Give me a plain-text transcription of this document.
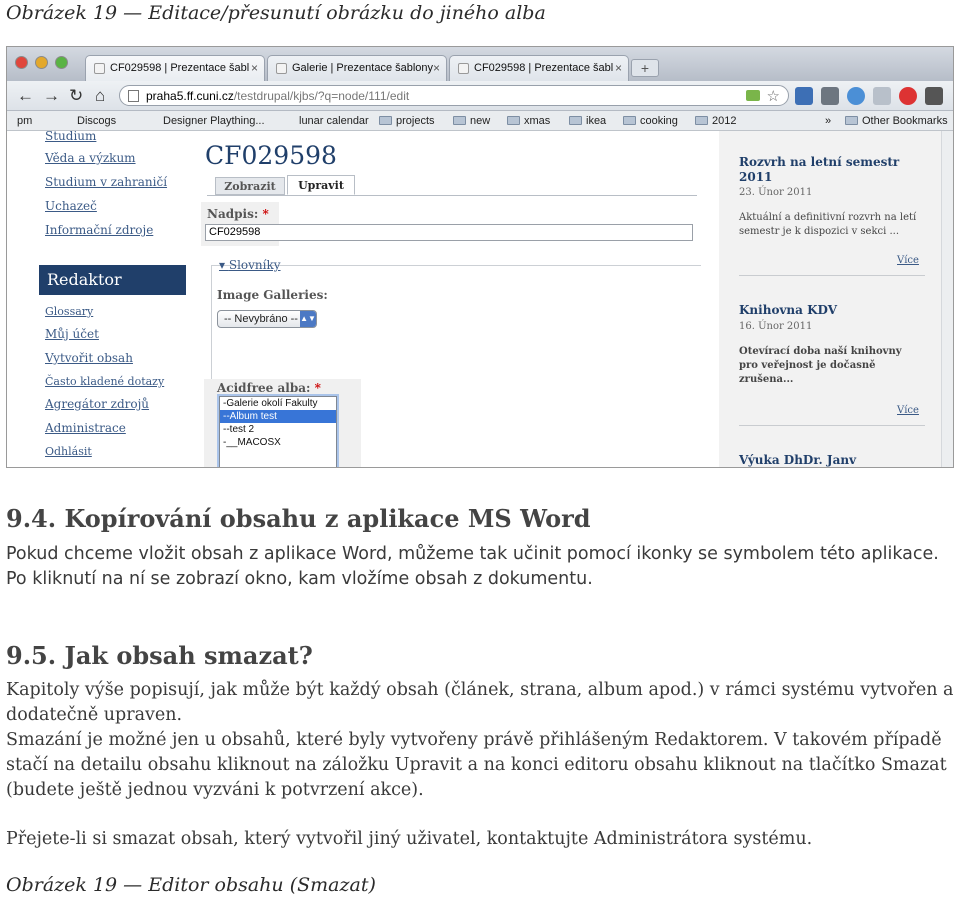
Obrázek 19 — Editace/přesunutí obrázku do jiného alba
CF029598 | Prezentace šabl ×	Galerie | Prezentace šablony ×	CF029598 | Prezentace šabl ×	+
← → ↻ ⌂	praha5.ff.cuni.cz/testdrupal/kjbs/?q=node/111/edit	☆
pm	Discogs	Designer Plaything...	lunar calendar	projects	new	xmas	ikea	cooking	2012	»	Other Bookmarks
Studium
Věda a výzkum
Studium v zahraničí
Uchazeč
Informační zdroje
Redaktor
Glossary
Můj účet
Vytvořit obsah
Často kladené dotazy
Agregátor zdrojů
Administrace
Odhlásit
CF029598
Zobrazit	Upravit
Nadpis: *
CF029598
▾ Slovníky
Image Galleries:
-- Nevybráno -- ▲▼
Acidfree alba: *
-Galerie okolí Fakulty
--Album test
--test 2
-__MACOSX
Rozvrh na letní semestr 2011
23. Únor 2011
Aktuální a definitivní rozvrh na letí semestr je k dispozici v sekci ...
Více
Knihovna KDV
16. Únor 2011
Otevírací doba naší knihovny pro veřejnost je dočasně zrušena...
Více
Výuka DhDr. Janv
9.4. Kopírování obsahu z aplikace MS Word
Pokud chceme vložit obsah z aplikace Word, můžeme tak učinit pomocí ikonky se symbolem této aplikace. Po kliknutí na ní se zobrazí okno, kam vložíme obsah z dokumentu.
9.5. Jak obsah smazat?
Kapitoly výše popisují, jak může být každý obsah (článek, strana, album apod.) v rámci systému vytvořen a dodatečně upraven.
Smazání je možné jen u obsahů, které byly vytvořeny právě přihlášeným Redaktorem. V takovém případě stačí na detailu obsahu kliknout na záložku Upravit a na konci editoru obsahu kliknout na tlačítko Smazat (budete ještě jednou vyzváni k potvrzení akce).
Přejete-li si smazat obsah, který vytvořil jiný uživatel, kontaktujte Administrátora systému.
Obrázek 19 — Editor obsahu (Smazat)
